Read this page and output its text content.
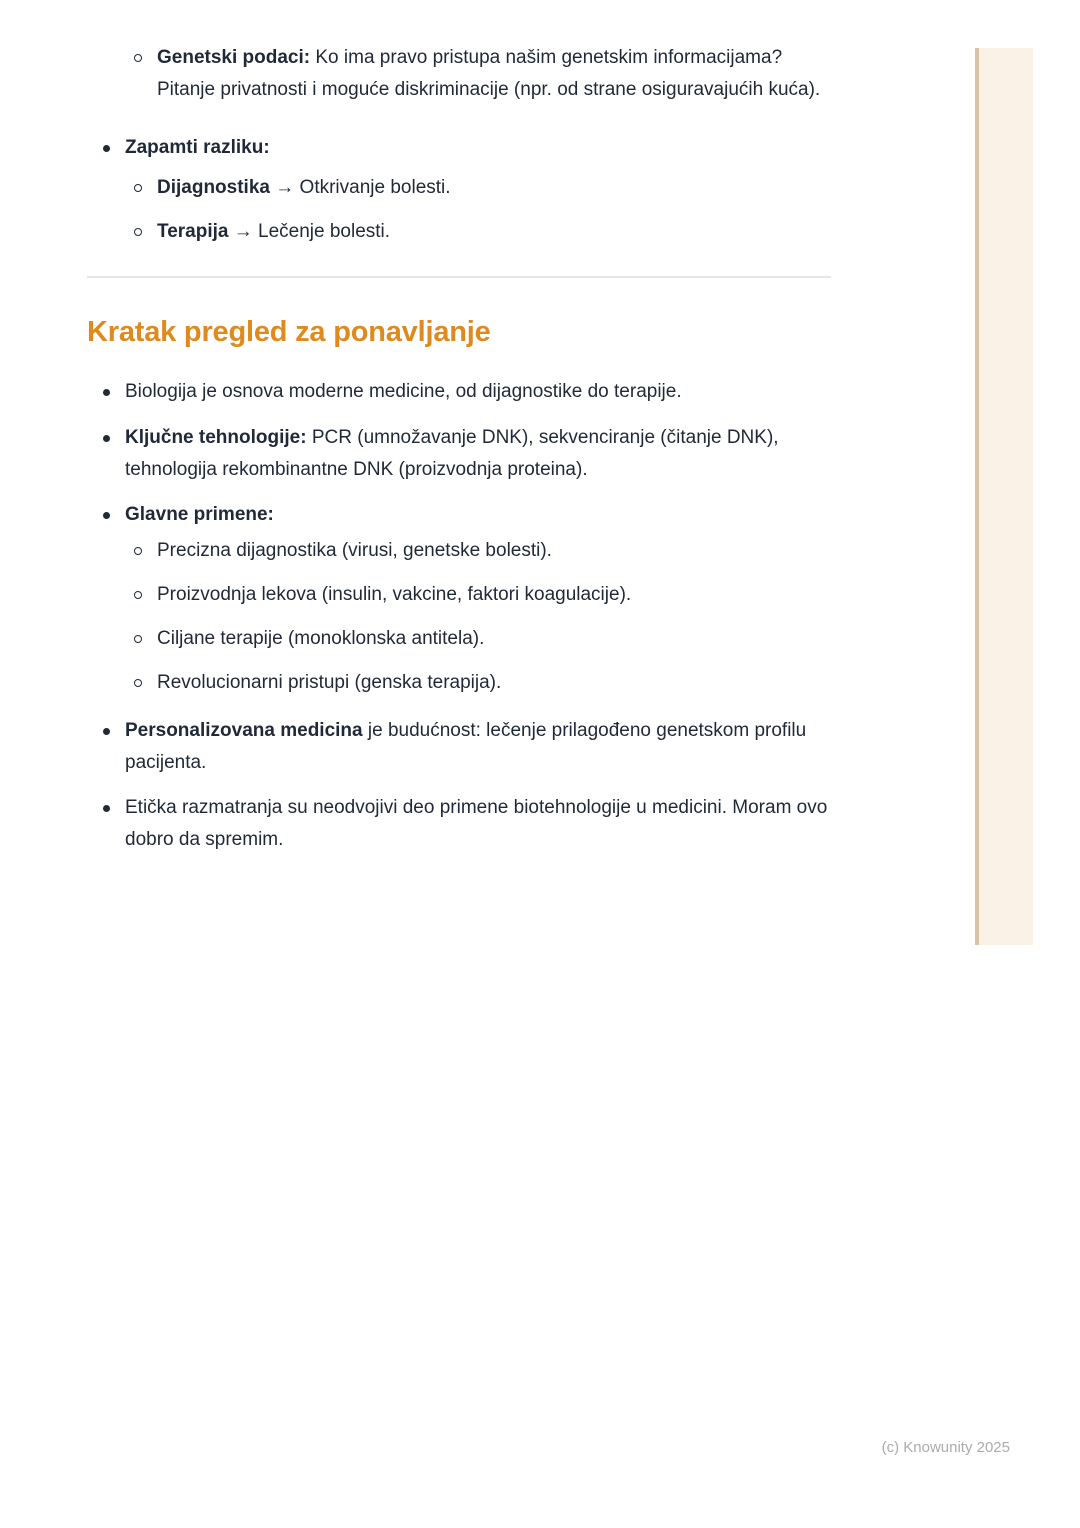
Genetski podaci: Ko ima pravo pristupa našim genetskim informacijama? Pitanje privatnosti i moguće diskriminacije (npr. od strane osiguravajućih kuća).

Zapamti razliku:

Dijagnostika → Otkrivanje bolesti.

Terapija → Lečenje bolesti.

Kratak pregled za ponavljanje

Biologija je osnova moderne medicine, od dijagnostike do terapije.

Ključne tehnologije: PCR (umnožavanje DNK), sekvenciranje (čitanje DNK), tehnologija rekombinantne DNK (proizvodnja proteina).

Glavne primene:

Precizna dijagnostika (virusi, genetske bolesti).

Proizvodnja lekova (insulin, vakcine, faktori koagulacije).

Ciljane terapije (monoklonska antitela).

Revolucionarni pristupi (genska terapija).

Personalizovana medicina je budućnost: lečenje prilagođeno genetskom profilu pacijenta.

Etička razmatranja su neodvojivi deo primene biotehnologije u medicini. Moram ovo dobro da spremim.

(c) Knowunity 2025
